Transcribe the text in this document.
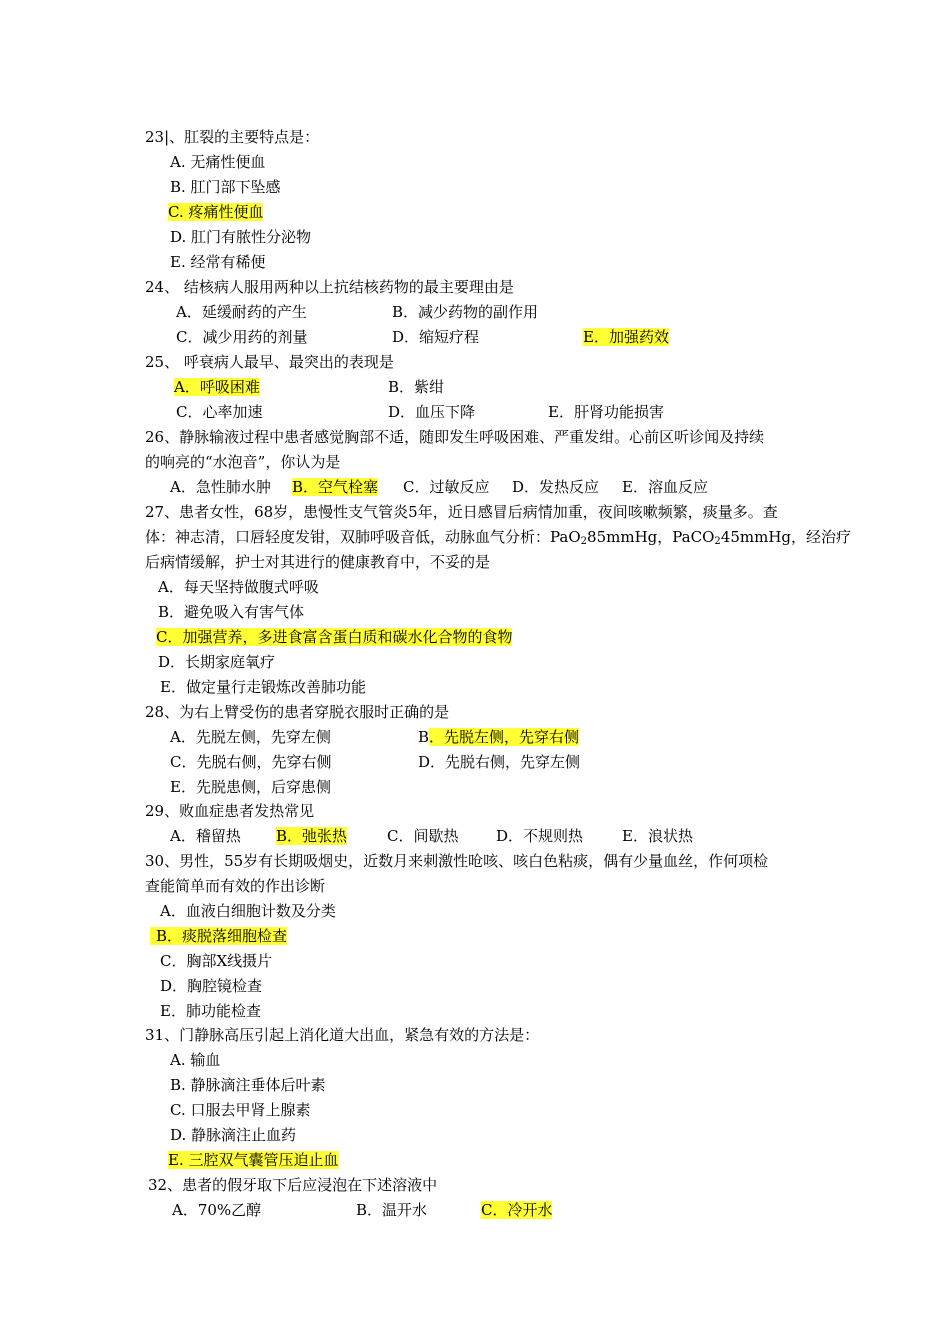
23|、肛裂的主要特点是：
A. 无痛性便血
B. 肛门部下坠感
C. 疼痛性便血
D. 肛门有脓性分泌物
E. 经常有稀便
24、 结核病人服用两种以上抗结核药物的最主要理由是
A．延缓耐药的产生	B．减少药物的副作用
C．减少用药的剂量	D．缩短疗程	E．加强药效
25、 呼衰病人最早、最突出的表现是
A．呼吸困难	B．紫绀
C．心率加速	D．血压下降	E．肝肾功能损害
26、静脉输液过程中患者感觉胸部不适，随即发生呼吸困难、严重发绀。心前区听诊闻及持续
的响亮的“水泡音”，你认为是
A．急性肺水肿 B．空气栓塞 C．过敏反应 D．发热反应 E．溶血反应
27、患者女性，68岁，患慢性支气管炎5年，近日感冒后病情加重，夜间咳嗽频繁，痰量多。查
体：神志清，口唇轻度发钳，双肺呼吸音低，动脉血气分析：PaO$_2$85mmHg，PaCO$_2$45mmHg，经治疗
后病情缓解，护士对其进行的健康教育中，不妥的是
A．每天坚持做腹式呼吸
B．避免吸入有害气体
C．加强营养，多进食富含蛋白质和碳水化合物的食物
D．长期家庭氧疗
E．做定量行走锻炼改善肺功能
28、为右上臂受伤的患者穿脱衣服时正确的是
A．先脱左侧，先穿左侧	B．先脱左侧，先穿右侧
C．先脱右侧，先穿右侧	D．先脱右侧，先穿左侧
E．先脱患侧，后穿患侧
29、败血症患者发热常见
A．稽留热 B．弛张热	C．间歇热	D．不规则热	E．浪状热
30、男性，55岁有长期吸烟史，近数月来刺激性呛咳、咳白色粘痰，偶有少量血丝，作何项检
查能简单而有效的作出诊断
A．血液白细胞计数及分类
B．痰脱落细胞检查
C．胸部X线摄片
D．胸腔镜检查
E．肺功能检查
31、门静脉高压引起上消化道大出血，紧急有效的方法是：
A. 输血
B. 静脉滴注垂体后叶素
C. 口服去甲肾上腺素
D. 静脉滴注止血药
E. 三腔双气囊管压迫止血
32、患者的假牙取下后应浸泡在下述溶液中
A．70%乙醇	B．温开水	C．冷开水
